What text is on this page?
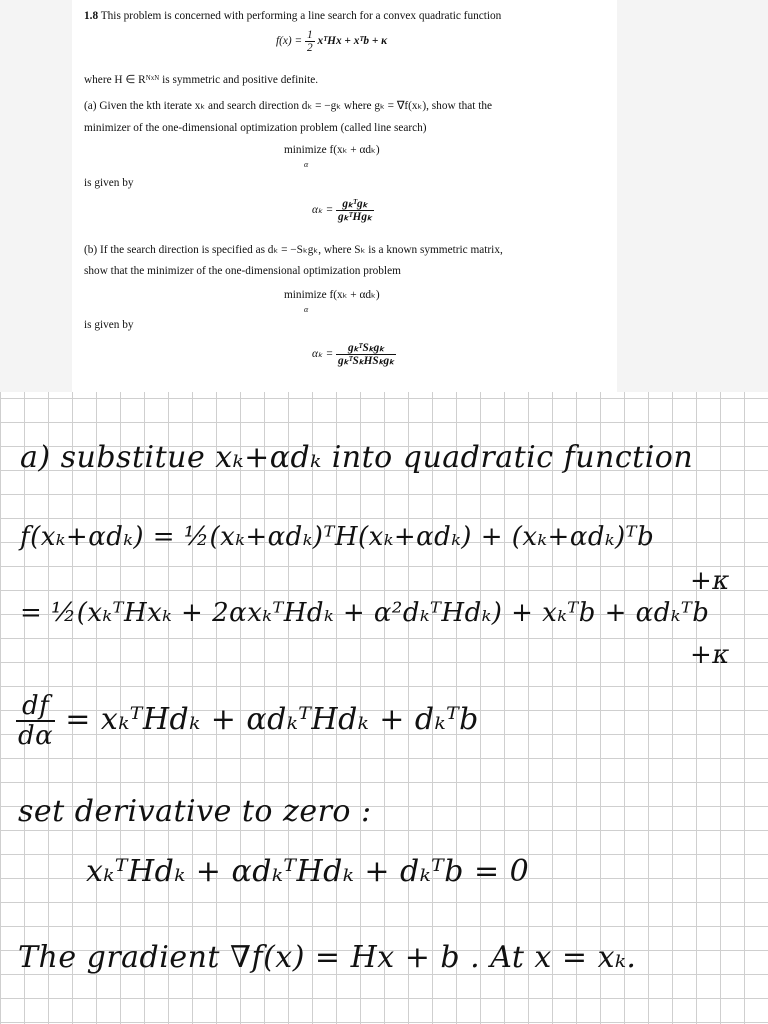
1.8 This problem is concerned with performing a line search for a convex quadratic function
$f(x) = \frac{1}{2}$ xᵀHx + xᵀb + κ
where H ∈ Rᴺˣᴺ is symmetric and positive definite.
(a) Given the kth iterate xₖ and search direction dₖ = −gₖ where gₖ = ∇f(xₖ), show that the
minimizer of the one-dimensional optimization problem (called line search)
minimize f(xₖ + αdₖ)
α
is given by
$\alpha_k = \frac{\text{gₖᵀgₖ}}{\text{gₖᵀHgₖ}}$
(b) If the search direction is specified as dₖ = −Sₖgₖ, where Sₖ is a known symmetric matrix,
show that the minimizer of the one-dimensional optimization problem
minimize f(xₖ + αdₖ)
α
is given by
$\alpha_k = \frac{\text{gₖᵀSₖgₖ}}{\text{gₖᵀSₖHSₖgₖ}}$
a) substitue xₖ+αdₖ into quadratic function
f(xₖ+αdₖ) = ½(xₖ+αdₖ)ᵀH(xₖ+αdₖ) + (xₖ+αdₖ)ᵀb
+κ
= ½(xₖᵀHxₖ + 2αxₖᵀHdₖ + α²dₖᵀHdₖ) + xₖᵀb + αdₖᵀb
+κ
$\frac{df}{d\alpha}$ = xₖᵀHdₖ + αdₖᵀHdₖ + dₖᵀb
set derivative to zero :
xₖᵀHdₖ + αdₖᵀHdₖ + dₖᵀb = 0
The gradient ∇f(x) = Hx + b . At x = xₖ.
